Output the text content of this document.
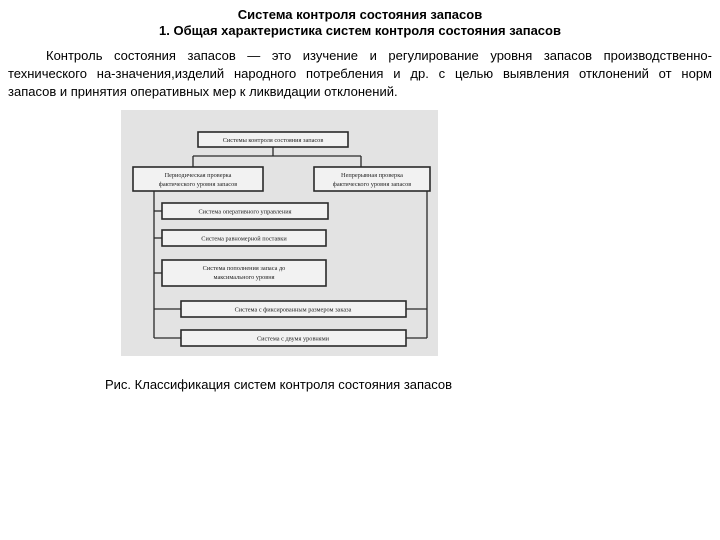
Система контроля состояния запасов
1. Общая характеристика систем контроля состояния запасов
Контроль состояния запасов — это изучение и регулирование уровня запасов производственно-
технического на-значения,изделий народного потребления и др. с целью выявления отклонений от норм
запасов и принятия оперативных мер к ликвидации отклонений.
Системы контроля состояния запасов
Периодическая проверка
фактического уровня запасов
Непрерывная проверка
фактического уровня запасов
Система оперативного управления
Система равномерной поставки
Система пополнения запаса до
максимального уровня
Система с фиксированным размером заказа
Система с двумя уровнями
Рис. Классификация систем контроля состояния запасов
